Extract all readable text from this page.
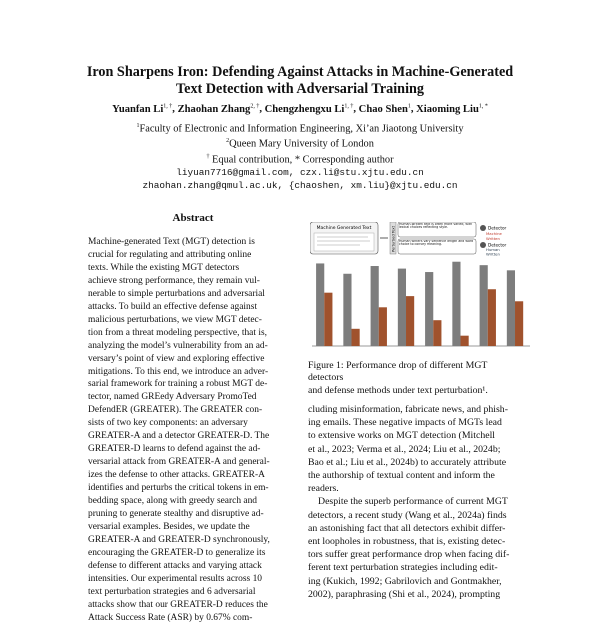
Iron Sharpens Iron: Defending Against Attacks in Machine-Generated
Text Detection with Adversarial Training
Yuanfan $Li^{1, \dagger}$, Zhaohan Zhang$^{2, \dagger}$, Chengzhengxu $Li^{1, \dagger}$, Chao Shen$^1$, Xiaoming Liu$^{1, *}$
$^1$Faculty of Electronic and Information Engineering, Xi’an Jiaotong University
$^2$Queen Mary University of London
† Equal contribution, * Corresponding author
liyuan7716@gmail.com, czx.li@stu.xjtu.edu.cn
zhaohan.zhang@qmul.ac.uk, {chaoshen, xm.liu}@xjtu.edu.cn
Abstract
Machine-generated Text (MGT) detection is
crucial for regulating and attributing online
texts. While the existing MGT detectors
achieve strong performance, they remain vul-
nerable to simple perturbations and adversarial
attacks. To build an effective defense against
malicious perturbations, we view MGT detec-
tion from a threat modeling perspective, that is,
analyzing the model’s vulnerability from an ad-
versary’s point of view and exploring effective
mitigations. To this end, we introduce an adver-
sarial framework for training a robust MGT de-
tector, named GREedy Adversary PromoTed
DefendER (GREATER). The GREATER con-
sists of two key components: an adversary
GREATER-A and a detector GREATER-D. The
GREATER-D learns to defend against the ad-
versarial attack from GREATER-A and general-
izes the defense to other attacks. GREATER-A
identifies and perturbs the critical tokens in em-
bedding space, along with greedy search and
pruning to generate stealthy and disruptive ad-
versarial examples. Besides, we update the
GREATER-A and GREATER-D synchronously,
encouraging the GREATER-D to generalize its
defense to different attacks and varying attack
intensities. Our experimental results across 10
text perturbation strategies and 6 adversarial
attacks show that our GREATER-D reduces the
Attack Success Rate (ASR) by 0.67% com-
Machine Generated Text	Perturbed Text
Human-written text is often more varied, with lexical choices reflecting style.
Human writers vary sentence length and word choice to convey meaning.
Detector
Machine
Written
Detector
Human
Written
Figure 1: Performance drop of different MGT detectors
and defense methods under text perturbation¹.
cluding misinformation, fabricate news, and phish-
ing emails. These negative impacts of MGTs lead
to extensive works on MGT detection (Mitchell
et al., 2023; Verma et al., 2024; Liu et al., 2024b;
Bao et al.; Liu et al., 2024b) to accurately attribute
the authorship of textual content and inform the
readers.
Despite the superb performance of current MGT
detectors, a recent study (Wang et al., 2024a) finds
an astonishing fact that all detectors exhibit differ-
ent loopholes in robustness, that is, existing detec-
tors suffer great performance drop when facing dif-
ferent text perturbation strategies including edit-
ing (Kukich, 1992; Gabrilovich and Gontmakher,
2002), paraphrasing (Shi et al., 2024), prompting
